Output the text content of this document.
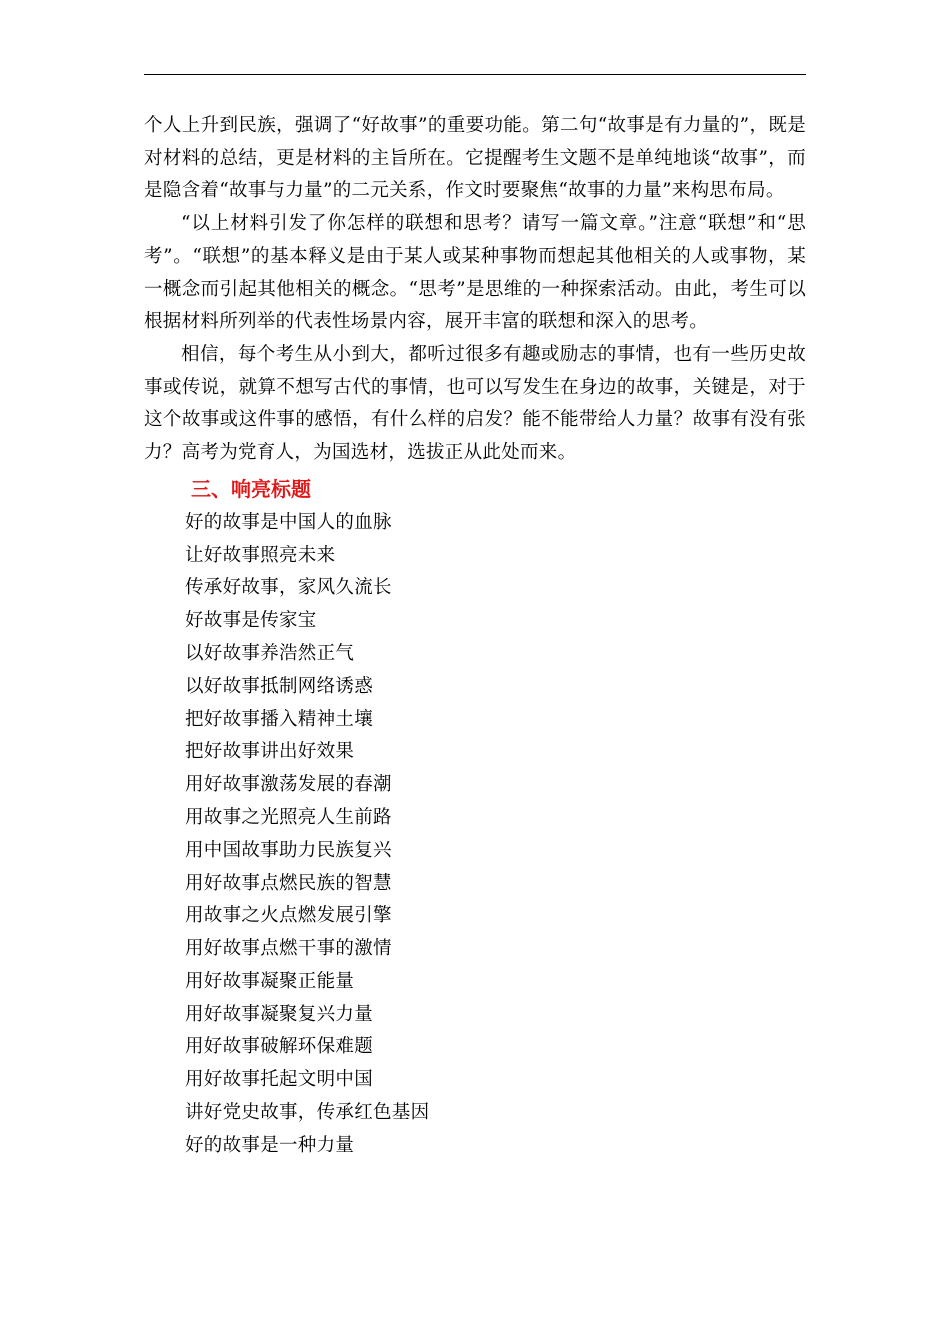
个人上升到民族，强调了“好故事”的重要功能。第二句“故事是有力量的”，既是对材料的总结，更是材料的主旨所在。它提醒考生文题不是单纯地谈“故事”，而是隐含着“故事与力量”的二元关系，作文时要聚焦“故事的力量”来构思布局。

“以上材料引发了你怎样的联想和思考？请写一篇文章。”注意“联想”和“思考”。“联想”的基本释义是由于某人或某种事物而想起其他相关的人或事物，某一概念而引起其他相关的概念。“思考”是思维的一种探索活动。由此，考生可以根据材料所列举的代表性场景内容，展开丰富的联想和深入的思考。

相信，每个考生从小到大，都听过很多有趣或励志的事情，也有一些历史故事或传说，就算不想写古代的事情，也可以写发生在身边的故事，关键是，对于这个故事或这件事的感悟，有什么样的启发？能不能带给人力量？故事有没有张力？高考为党育人，为国选材，选拔正从此处而来。

三、响亮标题
好的故事是中国人的血脉
让好故事照亮未来
传承好故事，家风久流长
好故事是传家宝
以好故事养浩然正气
以好故事抵制网络诱惑
把好故事播入精神土壤
把好故事讲出好效果
用好故事激荡发展的春潮
用故事之光照亮人生前路
用中国故事助力民族复兴
用好故事点燃民族的智慧
用故事之火点燃发展引擎
用好故事点燃干事的激情
用好故事凝聚正能量
用好故事凝聚复兴力量
用好故事破解环保难题
用好故事托起文明中国
讲好党史故事，传承红色基因
好的故事是一种力量
